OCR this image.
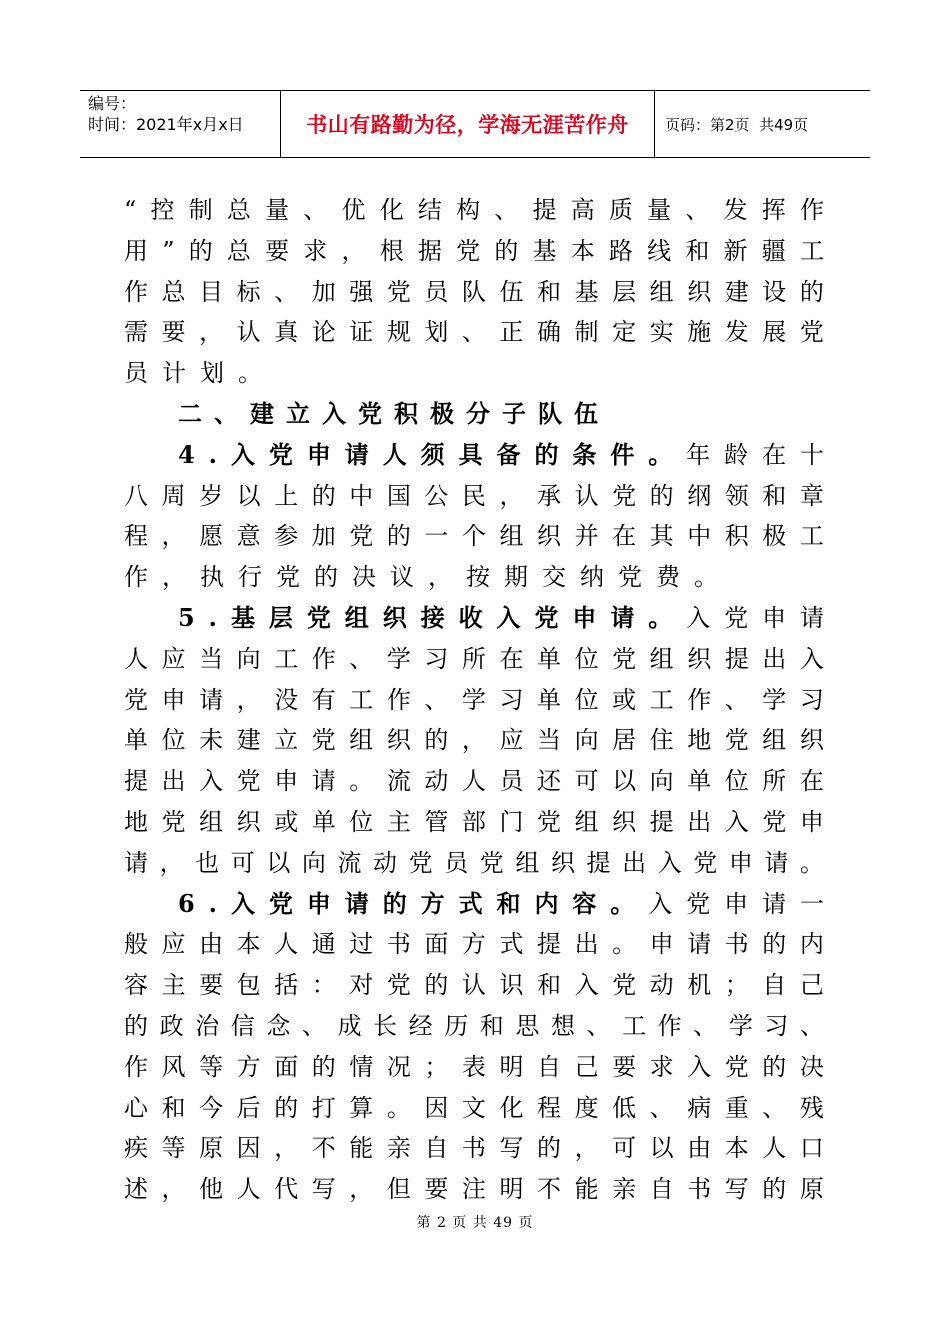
编号：
时间：2021年x月x日	书山有路勤为径，学海无涯苦作舟	页码：第2页  共49页
“ 控 制 总 量 、 优 化 结 构 、 提 高 质 量 、 发 挥 作
用 ” 的 总 要 求 ， 根 据 党 的 基 本 路 线 和 新 疆 工
作 总 目 标 、 加 强 党 员 队 伍 和 基 层 组 织 建 设 的
需 要 ， 认 真 论 证 规 划 、 正 确 制 定 实 施 发 展 党
员 计 划 。
二 、 建 立 入 党 积 极 分 子 队 伍
4 . 入 党 申 请 人 须 具 备 的 条 件 。 年 龄 在 十
八 周 岁 以 上 的 中 国 公 民 ， 承 认 党 的 纲 领 和 章
程 ， 愿 意 参 加 党 的 一 个 组 织 并 在 其 中 积 极 工
作 ， 执 行 党 的 决 议 ， 按 期 交 纳 党 费 。
5 . 基 层 党 组 织 接 收 入 党 申 请 。 入 党 申 请
人 应 当 向 工 作 、 学 习 所 在 单 位 党 组 织 提 出 入
党 申 请 ， 没 有 工 作 、 学 习 单 位 或 工 作 、 学 习
单 位 未 建 立 党 组 织 的 ， 应 当 向 居 住 地 党 组 织
提 出 入 党 申 请 。 流 动 人 员 还 可 以 向 单 位 所 在
地 党 组 织 或 单 位 主 管 部 门 党 组 织 提 出 入 党 申
请 ， 也 可 以 向 流 动 党 员 党 组 织 提 出 入 党 申 请 。
6 . 入 党 申 请 的 方 式 和 内 容 。 入 党 申 请 一
般 应 由 本 人 通 过 书 面 方 式 提 出 。 申 请 书 的 内
容 主 要 包 括 ： 对 党 的 认 识 和 入 党 动 机 ； 自 己
的 政 治 信 念 、 成 长 经 历 和 思 想 、 工 作 、 学 习 、
作 风 等 方 面 的 情 况 ； 表 明 自 己 要 求 入 党 的 决
心 和 今 后 的 打 算 。 因 文 化 程 度 低 、 病 重 、 残
疾 等 原 因 ， 不 能 亲 自 书 写 的 ， 可 以 由 本 人 口
述 ， 他 人 代 写 ， 但 要 注 明 不 能 亲 自 书 写 的 原
第 2 页 共 49 页
